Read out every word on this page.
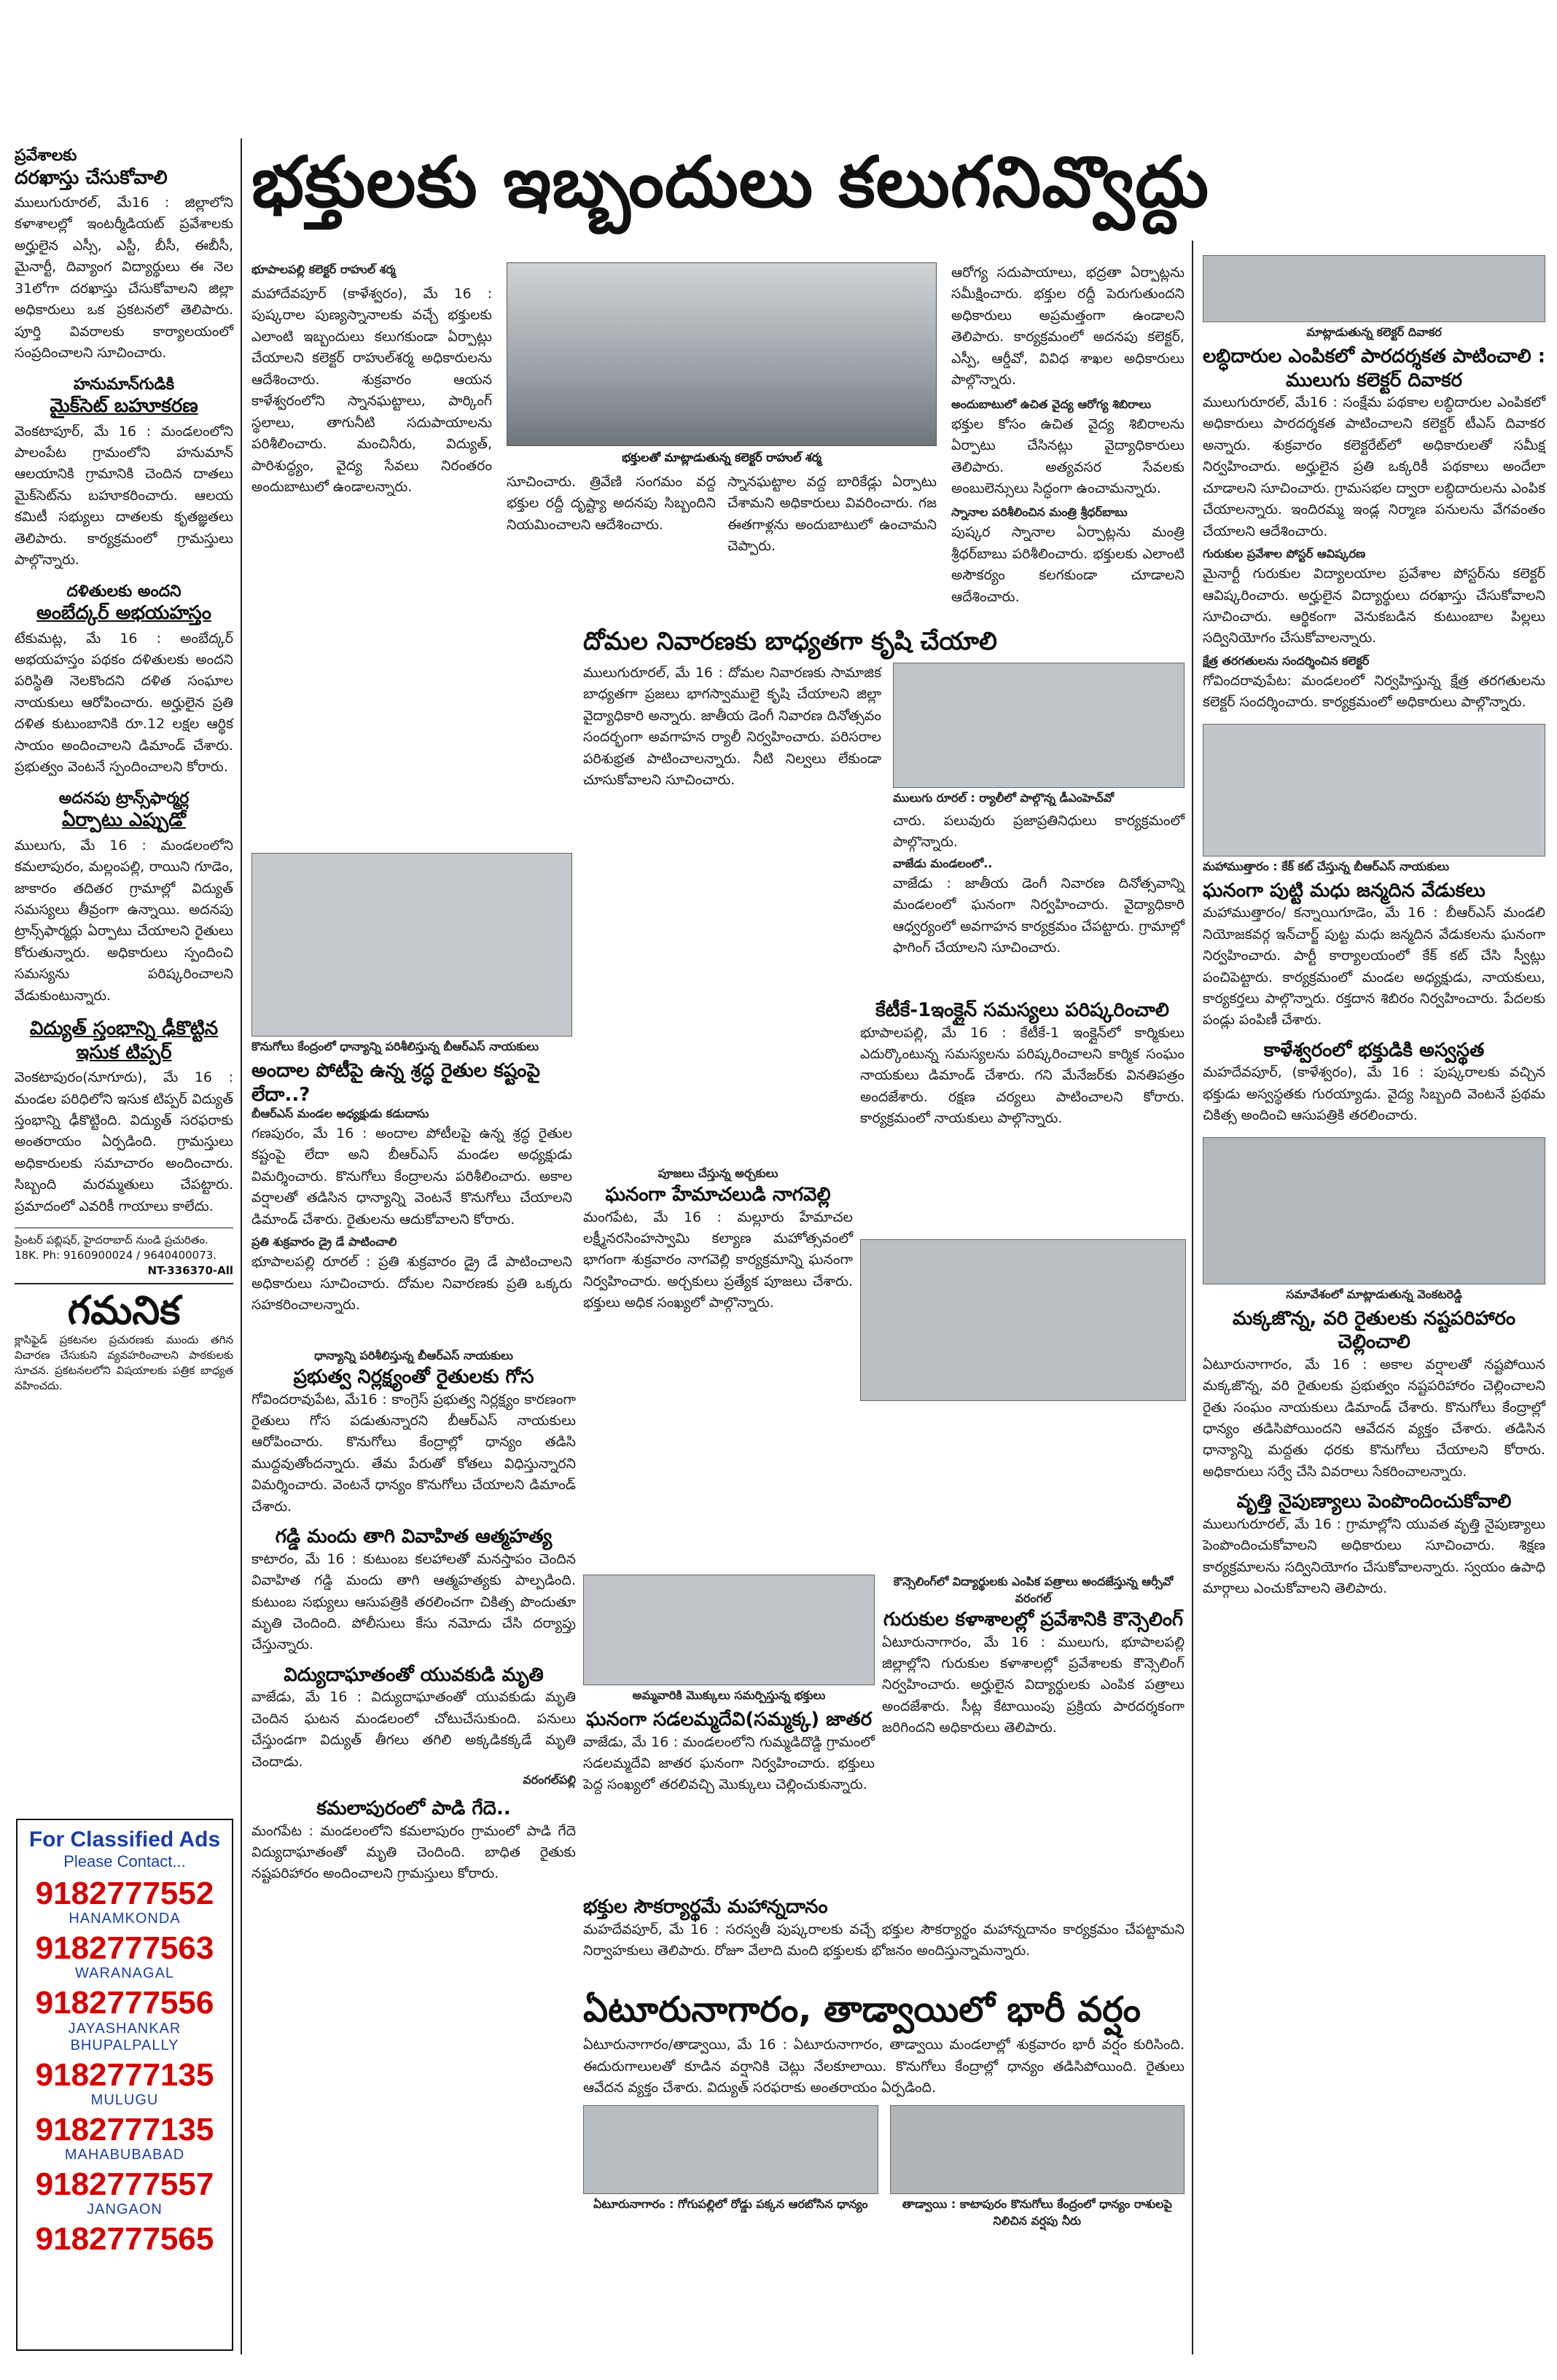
భక్తులకు ఇబ్బందులు కలుగనివ్వొద్దు
ప్రవేశాలకు
దరఖాస్తు చేసుకోవాలి
ములుగురూరల్, మే16 : జిల్లాలోని కళాశాలల్లో ఇంటర్మీడియట్ ప్రవేశాలకు అర్హులైన ఎస్సీ, ఎస్టీ, బీసీ, ఈబీసీ, మైనార్టీ, దివ్యాంగ విద్యార్థులు ఈ నెల 31లోగా దరఖాస్తు చేసుకోవాలని జిల్లా అధికారులు ఒక ప్రకటనలో తెలిపారు. పూర్తి వివరాలకు కార్యాలయంలో సంప్రదించాలని సూచించారు.
హనుమాన్‌గుడికి
మైక్‌సెట్ బహూకరణ
వెంకటాపూర్, మే 16 : మండలంలోని పాలంపేట గ్రామంలోని హనుమాన్ ఆలయానికి గ్రామానికి చెందిన దాతలు మైక్‌సెట్‌ను బహూకరించారు. ఆలయ కమిటీ సభ్యులు దాతలకు కృతజ్ఞతలు తెలిపారు. కార్యక్రమంలో గ్రామస్తులు పాల్గొన్నారు.
దళితులకు అందని
అంబేద్కర్ అభయహస్తం
టేకుమట్ల, మే 16 : అంబేద్కర్ అభయహస్తం పథకం దళితులకు అందని పరిస్థితి నెలకొందని దళిత సంఘాల నాయకులు ఆరోపించారు. అర్హులైన ప్రతి దళిత కుటుంబానికి రూ.12 లక్షల ఆర్థిక సాయం అందించాలని డిమాండ్ చేశారు. ప్రభుత్వం వెంటనే స్పందించాలని కోరారు.
అదనపు ట్రాన్స్‌ఫార్మర్ల
ఏర్పాటు ఎప్పుడో
ములుగు, మే 16 : మండలంలోని కమలాపురం, మల్లంపల్లి, రాయిని గూడెం, జాకారం తదితర గ్రామాల్లో విద్యుత్ సమస్యలు తీవ్రంగా ఉన్నాయి. అదనపు ట్రాన్స్‌ఫార్మర్లు ఏర్పాటు చేయాలని రైతులు కోరుతున్నారు. అధికారులు స్పందించి సమస్యను పరిష్కరించాలని వేడుకుంటున్నారు.
విద్యుత్ స్తంభాన్ని ఢీకొట్టిన ఇసుక టిప్పర్
వెంకటాపురం(నూగూరు), మే 16 : మండల పరిధిలోని ఇసుక టిప్పర్ విద్యుత్ స్తంభాన్ని ఢీకొట్టింది. విద్యుత్ సరఫరాకు అంతరాయం ఏర్పడింది. గ్రామస్తులు అధికారులకు సమాచారం అందించారు. సిబ్బంది మరమ్మతులు చేపట్టారు. ప్రమాదంలో ఎవరికీ గాయాలు కాలేదు.
ప్రింటర్ పబ్లిషర్, హైదరాబాద్ నుండి ప్రచురితం. 18K. Ph: 9160900024 / 9640400073.
NT-336370-All
గమనిక
క్లాసిఫైడ్ ప్రకటనల ప్రచురణకు ముందు తగిన విచారణ చేసుకుని వ్యవహరించాలని పాఠకులకు సూచన. ప్రకటనలలోని విషయాలకు పత్రిక బాధ్యత వహించదు.
For Classified Ads
Please Contact...
9182777552
HANAMKONDA
9182777563
WARANAGAL
9182777556
JAYASHANKAR BHUPALPALLY
9182777135
MULUGU
9182777135
MAHABUBABAD
9182777557
JANGAON
9182777565
భూపాలపల్లి కలెక్టర్ రాహుల్ శర్మ
మహాదేవపూర్ (కాళేశ్వరం), మే 16 : పుష్కరాల పుణ్యస్నానాలకు వచ్చే భక్తులకు ఎలాంటి ఇబ్బందులు కలుగకుండా ఏర్పాట్లు చేయాలని కలెక్టర్ రాహుల్‌శర్మ అధికారులను ఆదేశించారు. శుక్రవారం ఆయన కాళేశ్వరంలోని స్నానఘట్టాలు, పార్కింగ్ స్థలాలు, తాగునీటి సదుపాయాలను పరిశీలించారు. మంచినీరు, విద్యుత్, పారిశుద్ధ్యం, వైద్య సేవలు నిరంతరం అందుబాటులో ఉండాలన్నారు.
భక్తులతో మాట్లాడుతున్న కలెక్టర్ రాహుల్ శర్మ
సూచించారు. త్రివేణి సంగమం వద్ద భక్తుల రద్దీ దృష్ట్యా అదనపు సిబ్బందిని నియమించాలని ఆదేశించారు.
స్నానఘట్టాల వద్ద బారికేడ్లు ఏర్పాటు చేశామని అధికారులు వివరించారు. గజ ఈతగాళ్లను అందుబాటులో ఉంచామని చెప్పారు.
ఆరోగ్య సదుపాయాలు, భద్రతా ఏర్పాట్లను సమీక్షించారు. భక్తుల రద్దీ పెరుగుతుందని అధికారులు అప్రమత్తంగా ఉండాలని తెలిపారు. కార్యక్రమంలో అదనపు కలెక్టర్, ఎస్పీ, ఆర్డీవో, వివిధ శాఖల అధికారులు పాల్గొన్నారు.
అందుబాటులో ఉచిత వైద్య ఆరోగ్య శిబిరాలు
భక్తుల కోసం ఉచిత వైద్య శిబిరాలను ఏర్పాటు చేసినట్లు వైద్యాధికారులు తెలిపారు. అత్యవసర సేవలకు అంబులెన్సులు సిద్ధంగా ఉంచామన్నారు.
స్నానాల పరిశీలించిన మంత్రి శ్రీధర్‌బాబు
పుష్కర స్నానాల ఏర్పాట్లను మంత్రి శ్రీధర్‌బాబు పరిశీలించారు. భక్తులకు ఎలాంటి అసౌకర్యం కలగకుండా చూడాలని ఆదేశించారు.
మాట్లాడుతున్న కలెక్టర్ దివాకర
లబ్ధిదారుల ఎంపికలో పారదర్శకత పాటించాలి : ములుగు కలెక్టర్ దివాకర
ములుగురూరల్, మే16 : సంక్షేమ పథకాల లబ్ధిదారుల ఎంపికలో అధికారులు పారదర్శకత పాటించాలని కలెక్టర్ టీఎస్ దివాకర అన్నారు. శుక్రవారం కలెక్టరేట్‌లో అధికారులతో సమీక్ష నిర్వహించారు. అర్హులైన ప్రతి ఒక్కరికీ పథకాలు అందేలా చూడాలని సూచించారు. గ్రామసభల ద్వారా లబ్ధిదారులను ఎంపిక చేయాలన్నారు. ఇందిరమ్మ ఇండ్ల నిర్మాణ పనులను వేగవంతం చేయాలని ఆదేశించారు.
గురుకుల ప్రవేశాల పోస్టర్ ఆవిష్కరణ
మైనార్టీ గురుకుల విద్యాలయాల ప్రవేశాల పోస్టర్‌ను కలెక్టర్ ఆవిష్కరించారు. అర్హులైన విద్యార్థులు దరఖాస్తు చేసుకోవాలని సూచించారు. ఆర్థికంగా వెనుకబడిన కుటుంబాల పిల్లలు సద్వినియోగం చేసుకోవాలన్నారు.
క్షేత్ర తరగతులను సందర్శించిన కలెక్టర్
గోవిందరావుపేట: మండలంలో నిర్వహిస్తున్న క్షేత్ర తరగతులను కలెక్టర్ సందర్శించారు. కార్యక్రమంలో అధికారులు పాల్గొన్నారు.
మహాముత్తారం : కేక్ కట్ చేస్తున్న బీఆర్ఎస్ నాయకులు
ఘనంగా పుట్టి మధు జన్మదిన వేడుకలు
మహాముత్తారం/ కన్నాయిగూడెం, మే 16 : బీఆర్ఎస్ మండలి నియోజకవర్గ ఇన్‌చార్జ్ పుట్ట మధు జన్మదిన వేడుకలను ఘనంగా నిర్వహించారు. పార్టీ కార్యాలయంలో కేక్ కట్ చేసి స్వీట్లు పంచిపెట్టారు. కార్యక్రమంలో మండల అధ్యక్షుడు, నాయకులు, కార్యకర్తలు పాల్గొన్నారు. రక్తదాన శిబిరం నిర్వహించారు. పేదలకు పండ్లు పంపిణీ చేశారు.
కాళేశ్వరంలో భక్తుడికి అస్వస్థత
మహదేవపూర్, (కాళేశ్వరం), మే 16 : పుష్కరాలకు వచ్చిన భక్తుడు అస్వస్థతకు గురయ్యాడు. వైద్య సిబ్బంది వెంటనే ప్రథమ చికిత్స అందించి ఆసుపత్రికి తరలించారు.
సమావేశంలో మాట్లాడుతున్న వెంకటరెడ్డి
మక్కజొన్న, వరి రైతులకు నష్టపరిహారం చెల్లించాలి
ఏటూరునాగారం, మే 16 : అకాల వర్షాలతో నష్టపోయిన మక్కజొన్న, వరి రైతులకు ప్రభుత్వం నష్టపరిహారం చెల్లించాలని రైతు సంఘం నాయకులు డిమాండ్ చేశారు. కొనుగోలు కేంద్రాల్లో ధాన్యం తడిసిపోయిందని ఆవేదన వ్యక్తం చేశారు. తడిసిన ధాన్యాన్ని మద్దతు ధరకు కొనుగోలు చేయాలని కోరారు. అధికారులు సర్వే చేసి వివరాలు సేకరించాలన్నారు.
వృత్తి నైపుణ్యాలు పెంపొందించుకోవాలి
ములుగురూరల్, మే 16 : గ్రామాల్లోని యువత వృత్తి నైపుణ్యాలు పెంపొందించుకోవాలని అధికారులు సూచించారు. శిక్షణ కార్యక్రమాలను సద్వినియోగం చేసుకోవాలన్నారు. స్వయం ఉపాధి మార్గాలు ఎంచుకోవాలని తెలిపారు.
దోమల నివారణకు బాధ్యతగా కృషి చేయాలి
ములుగురూరల్, మే 16 : దోమల నివారణకు సామాజిక బాధ్యతగా ప్రజలు భాగస్వాములై కృషి చేయాలని జిల్లా వైద్యాధికారి అన్నారు. జాతీయ డెంగీ నివారణ దినోత్సవం సందర్భంగా అవగాహన ర్యాలీ నిర్వహించారు. పరిసరాల పరిశుభ్రత పాటించాలన్నారు. నీటి నిల్వలు లేకుండా చూసుకోవాలని సూచించారు.
ములుగు రూరల్ : ర్యాలీలో పాల్గొన్న డీఎంహెచ్‌వో
చారు. పలువురు ప్రజాప్రతినిధులు కార్యక్రమంలో పాల్గొన్నారు.
వాజేడు మండలంలో..
వాజేడు : జాతీయ డెంగీ నివారణ దినోత్సవాన్ని మండలంలో ఘనంగా నిర్వహించారు. వైద్యాధికారి ఆధ్వర్యంలో అవగాహన కార్యక్రమం చేపట్టారు. గ్రామాల్లో ఫాగింగ్ చేయాలని సూచించారు.
కొనుగోలు కేంద్రంలో ధాన్యాన్ని పరిశీలిస్తున్న బీఆర్ఎస్ నాయకులు
అందాల పోటీపై ఉన్న శ్రద్ధ రైతుల కష్టంపై లేదా..?
బీఆర్ఎస్ మండల అధ్యక్షుడు కడుదాసు
గణపురం, మే 16 : అందాల పోటీలపై ఉన్న శ్రద్ధ రైతుల కష్టంపై లేదా అని బీఆర్ఎస్ మండల అధ్యక్షుడు విమర్శించారు. కొనుగోలు కేంద్రాలను పరిశీలించారు. అకాల వర్షాలతో తడిసిన ధాన్యాన్ని వెంటనే కొనుగోలు చేయాలని డిమాండ్ చేశారు. రైతులను ఆదుకోవాలని కోరారు.
ప్రతి శుక్రవారం డ్రై డే పాటించాలి
భూపాలపల్లి రూరల్ : ప్రతి శుక్రవారం డ్రై డే పాటించాలని అధికారులు సూచించారు. దోమల నివారణకు ప్రతి ఒక్కరు సహకరించాలన్నారు.
కేటీకే-1ఇంక్లైన్ సమస్యలు పరిష్కరించాలి
భూపాలపల్లి, మే 16 : కేటీకే-1 ఇంక్లైన్‌లో కార్మికులు ఎదుర్కొంటున్న సమస్యలను పరిష్కరించాలని కార్మిక సంఘం నాయకులు డిమాండ్ చేశారు. గని మేనేజర్‌కు వినతిపత్రం అందజేశారు. రక్షణ చర్యలు పాటించాలని కోరారు. కార్యక్రమంలో నాయకులు పాల్గొన్నారు.
పూజలు చేస్తున్న అర్చకులు
ఘనంగా హేమాచలుడి నాగవెల్లి
మంగపేట, మే 16 : మల్లూరు హేమాచల లక్ష్మీనరసింహస్వామి కల్యాణ మహోత్సవంలో భాగంగా శుక్రవారం నాగవెల్లి కార్యక్రమాన్ని ఘనంగా నిర్వహించారు. అర్చకులు ప్రత్యేక పూజలు చేశారు. భక్తులు అధిక సంఖ్యలో పాల్గొన్నారు.
ధాన్యాన్ని పరిశీలిస్తున్న బీఆర్ఎస్ నాయకులు
ప్రభుత్వ నిర్లక్ష్యంతో రైతులకు గోస
గోవిందరావుపేట, మే16 : కాంగ్రెస్ ప్రభుత్వ నిర్లక్ష్యం కారణంగా రైతులు గోస పడుతున్నారని బీఆర్ఎస్ నాయకులు ఆరోపించారు. కొనుగోలు కేంద్రాల్లో ధాన్యం తడిసి ముద్దవుతోందన్నారు. తేమ పేరుతో కోతలు విధిస్తున్నారని విమర్శించారు. వెంటనే ధాన్యం కొనుగోలు చేయాలని డిమాండ్ చేశారు.
గడ్డి మందు తాగి వివాహిత ఆత్మహత్య
కాటారం, మే 16 : కుటుంబ కలహాలతో మనస్తాపం చెందిన వివాహిత గడ్డి మందు తాగి ఆత్మహత్యకు పాల్పడింది. కుటుంబ సభ్యులు ఆసుపత్రికి తరలించగా చికిత్స పొందుతూ మృతి చెందింది. పోలీసులు కేసు నమోదు చేసి దర్యాప్తు చేస్తున్నారు.
విద్యుదాఘాతంతో యువకుడి మృతి
వాజేడు, మే 16 : విద్యుదాఘాతంతో యువకుడు మృతి చెందిన ఘటన మండలంలో చోటుచేసుకుంది. పనులు చేస్తుండగా విద్యుత్ తీగలు తగిలి అక్కడికక్కడే మృతి చెందాడు.
వరంగల్‌పల్లి
కమలాపురంలో పాడి గేదె..
మంగపేట : మండలంలోని కమలాపురం గ్రామంలో పాడి గేదె విద్యుదాఘాతంతో మృతి చెందింది. బాధిత రైతుకు నష్టపరిహారం అందించాలని గ్రామస్తులు కోరారు.
అమ్మవారికి మొక్కులు సమర్పిస్తున్న భక్తులు
ఘనంగా సడలమ్మదేవి(సమ్మక్క) జాతర
వాజేడు, మే 16 : మండలంలోని గుమ్మడిదొడ్డి గ్రామంలో సడలమ్మదేవి జాతర ఘనంగా నిర్వహించారు. భక్తులు పెద్ద సంఖ్యలో తరలివచ్చి మొక్కులు చెల్లించుకున్నారు.
కౌన్సెలింగ్‌లో విద్యార్థులకు ఎంపిక పత్రాలు అందజేస్తున్న ఆర్సీవో వరంగల్
గురుకుల కళాశాలల్లో ప్రవేశానికి కౌన్సెలింగ్
ఏటూరునాగారం, మే 16 : ములుగు, భూపాలపల్లి జిల్లాల్లోని గురుకుల కళాశాలల్లో ప్రవేశాలకు కౌన్సెలింగ్ నిర్వహించారు. అర్హులైన విద్యార్థులకు ఎంపిక పత్రాలు అందజేశారు. సీట్ల కేటాయింపు ప్రక్రియ పారదర్శకంగా జరిగిందని అధికారులు తెలిపారు.
భక్తుల సౌకర్యార్థమే మహాన్నదానం
మహదేవపూర్, మే 16 : సరస్వతీ పుష్కరాలకు వచ్చే భక్తుల సౌకర్యార్థం మహాన్నదానం కార్యక్రమం చేపట్టామని నిర్వాహకులు తెలిపారు. రోజూ వేలాది మంది భక్తులకు భోజనం అందిస్తున్నామన్నారు.
ఏటూరునాగారం, తాడ్వాయిలో భారీ వర్షం
ఏటూరునాగారం/తాడ్వాయి, మే 16 : ఏటూరునాగారం, తాడ్వాయి మండలాల్లో శుక్రవారం భారీ వర్షం కురిసింది. ఈదురుగాలులతో కూడిన వర్షానికి చెట్లు నేలకూలాయి. కొనుగోలు కేంద్రాల్లో ధాన్యం తడిసిపోయింది. రైతులు ఆవేదన వ్యక్తం చేశారు. విద్యుత్ సరఫరాకు అంతరాయం ఏర్పడింది.
ఏటూరునాగారం : గోగుపల్లిలో రోడ్డు పక్కన ఆరబోసిన ధాన్యం	తాడ్వాయి : కాటాపురం కొనుగోలు కేంద్రంలో ధాన్యం రాశులపై నిలిచిన వర్షపు నీరు
